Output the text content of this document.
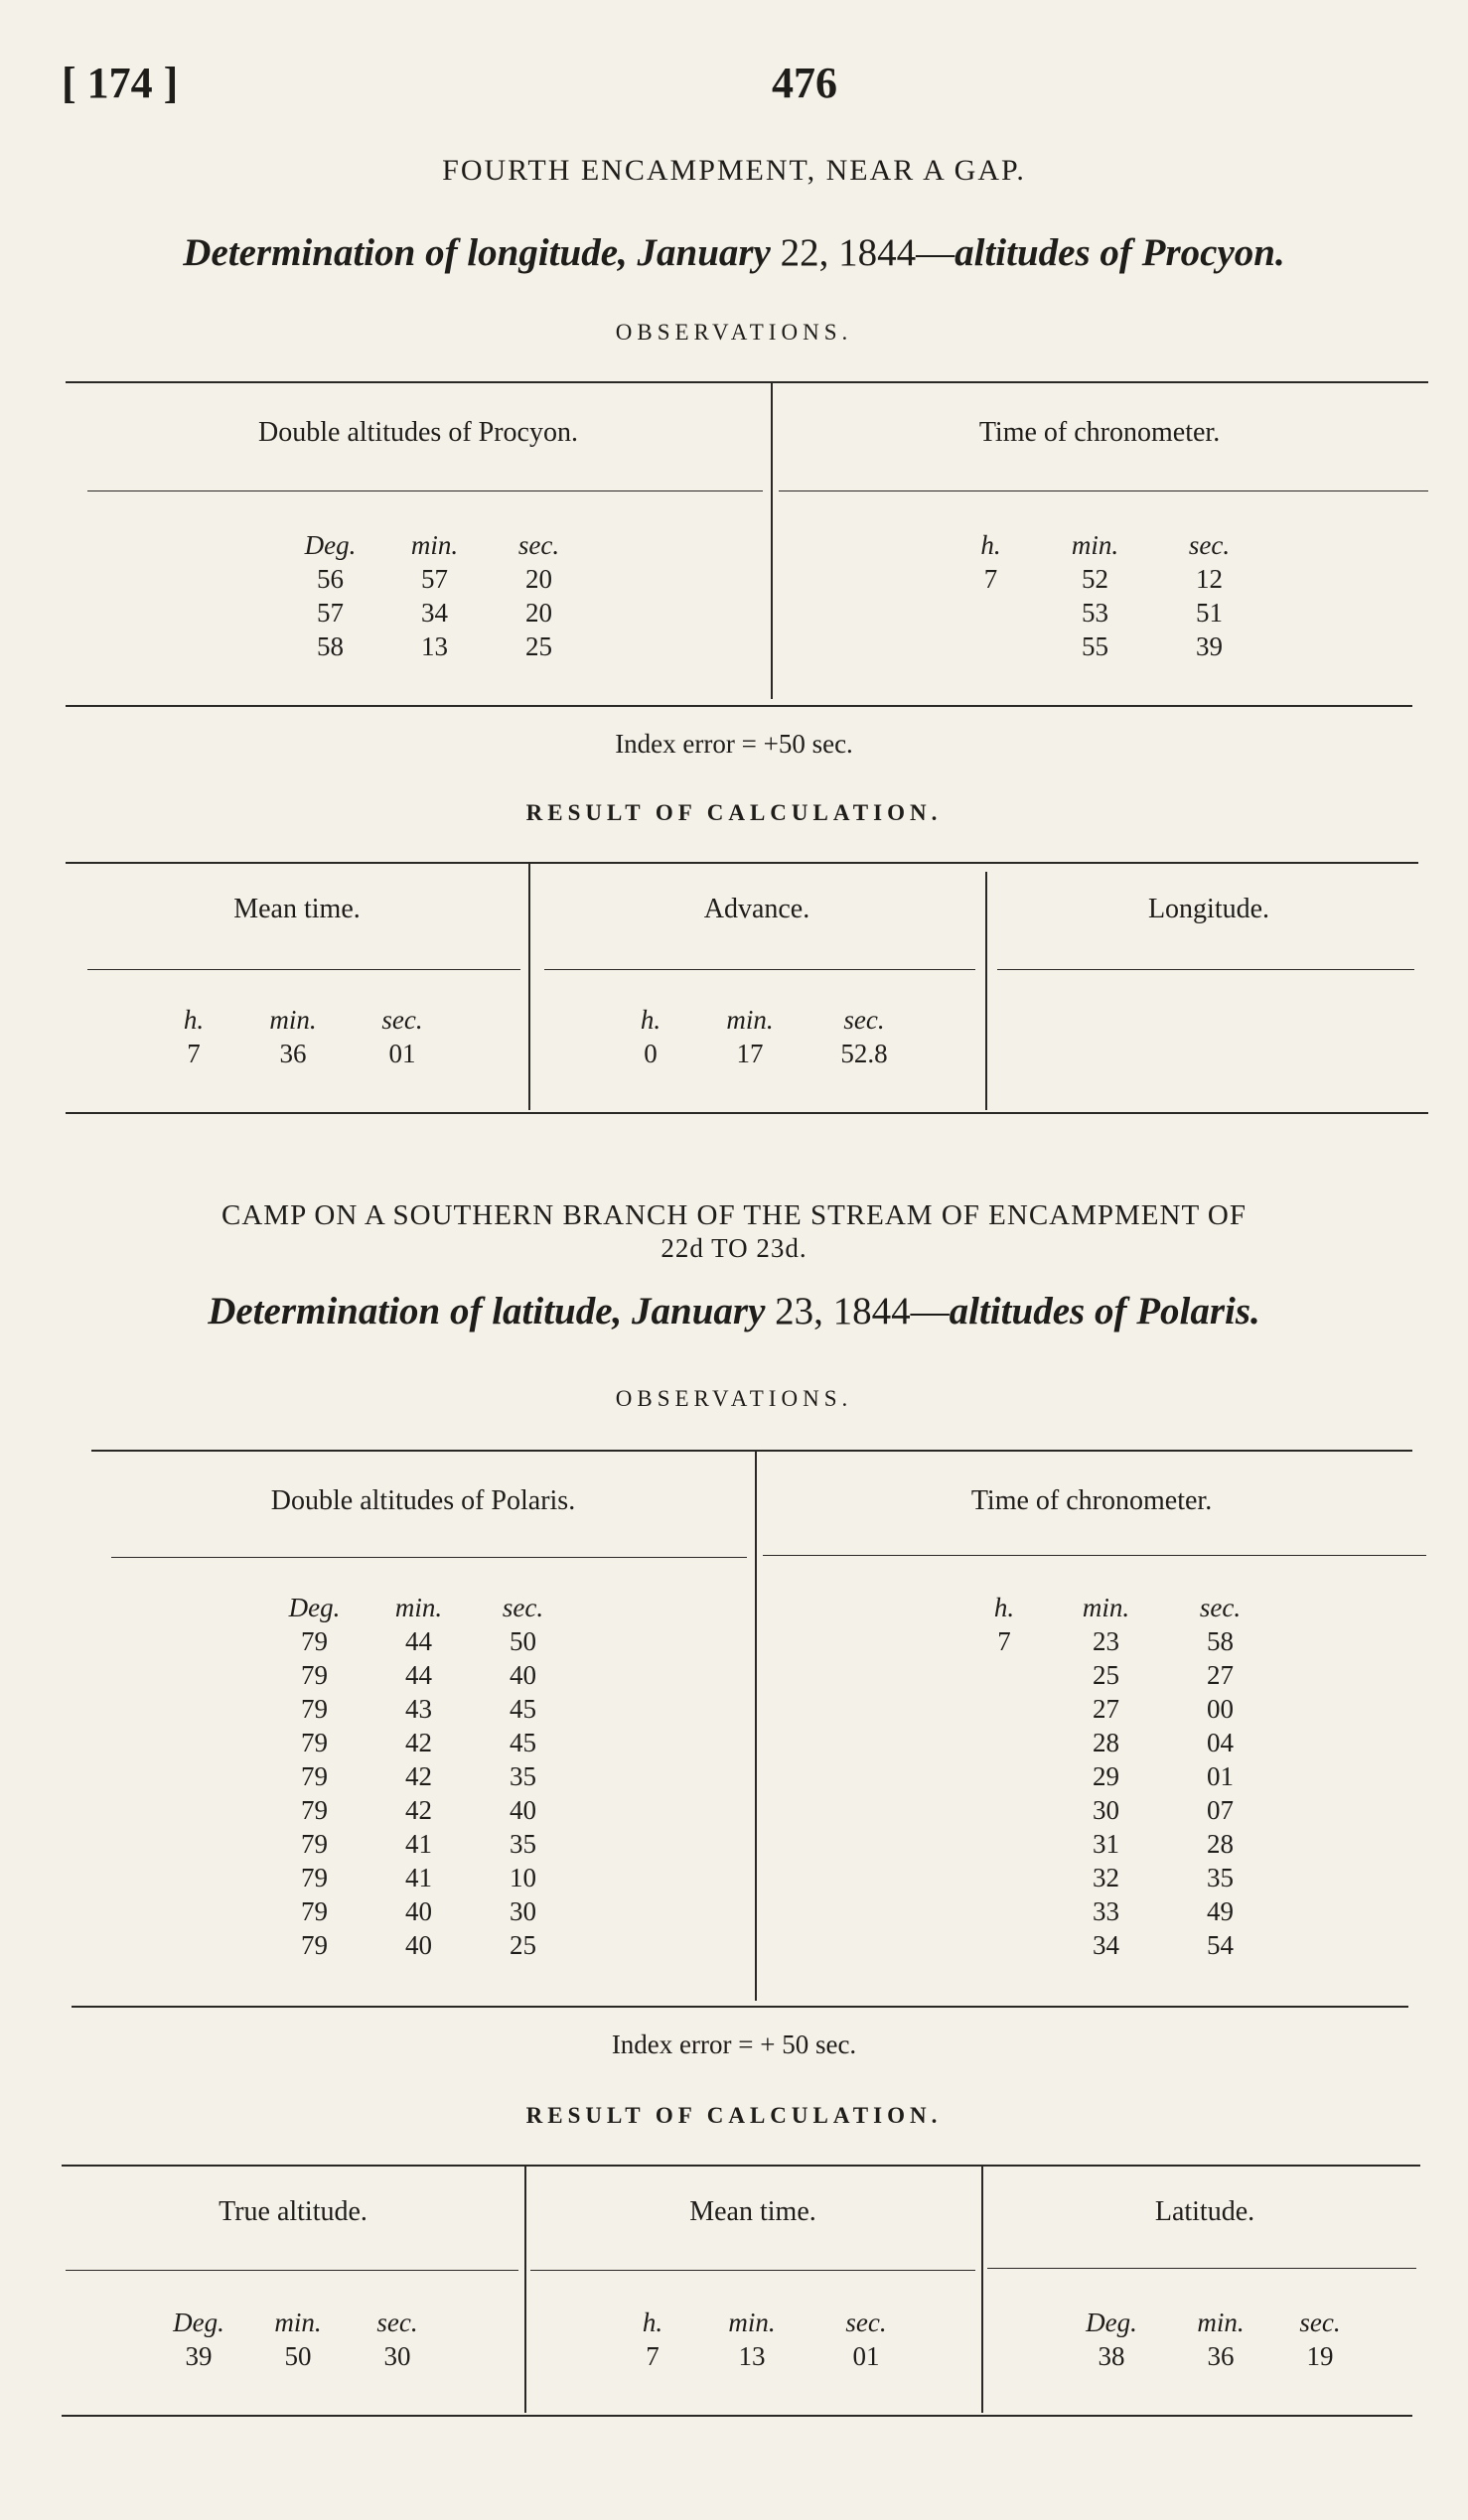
[ 174 ]	476
FOURTH ENCAMPMENT, NEAR A GAP.
Determination of longitude, January 22, 1844—altitudes of Procyon.
OBSERVATIONS.
Double altitudes of Procyon.	Time of chronometer.
Deg.	min.	sec.
56	57	20
57	34	20
58	13	25
h.	min.	sec.
7	52	12
53	51
55	39
Index error = +50 sec.
RESULT OF CALCULATION.
Mean time.	Advance.	Longitude.
h.	min.	sec.
7	36	01
h.	min.	sec.
0	17	52.8
CAMP ON A SOUTHERN BRANCH OF THE STREAM OF ENCAMPMENT OF
22d TO 23d.
Determination of latitude, January 23, 1844—altitudes of Polaris.
OBSERVATIONS.
Double altitudes of Polaris.	Time of chronometer.
Deg.	min.	sec.
79	44	50
79	44	40
79	43	45
79	42	45
79	42	35
79	42	40
79	41	35
79	41	10
79	40	30
79	40	25
h.	min.	sec.
7	23	58
25	27
27	00
28	04
29	01
30	07
31	28
32	35
33	49
34	54
Index error = + 50 sec.
RESULT OF CALCULATION.
True altitude.	Mean time.	Latitude.
Deg.	min.	sec.
39	50	30
h.	min.	sec.
7	13	01
Deg.	min.	sec.
38	36	19
